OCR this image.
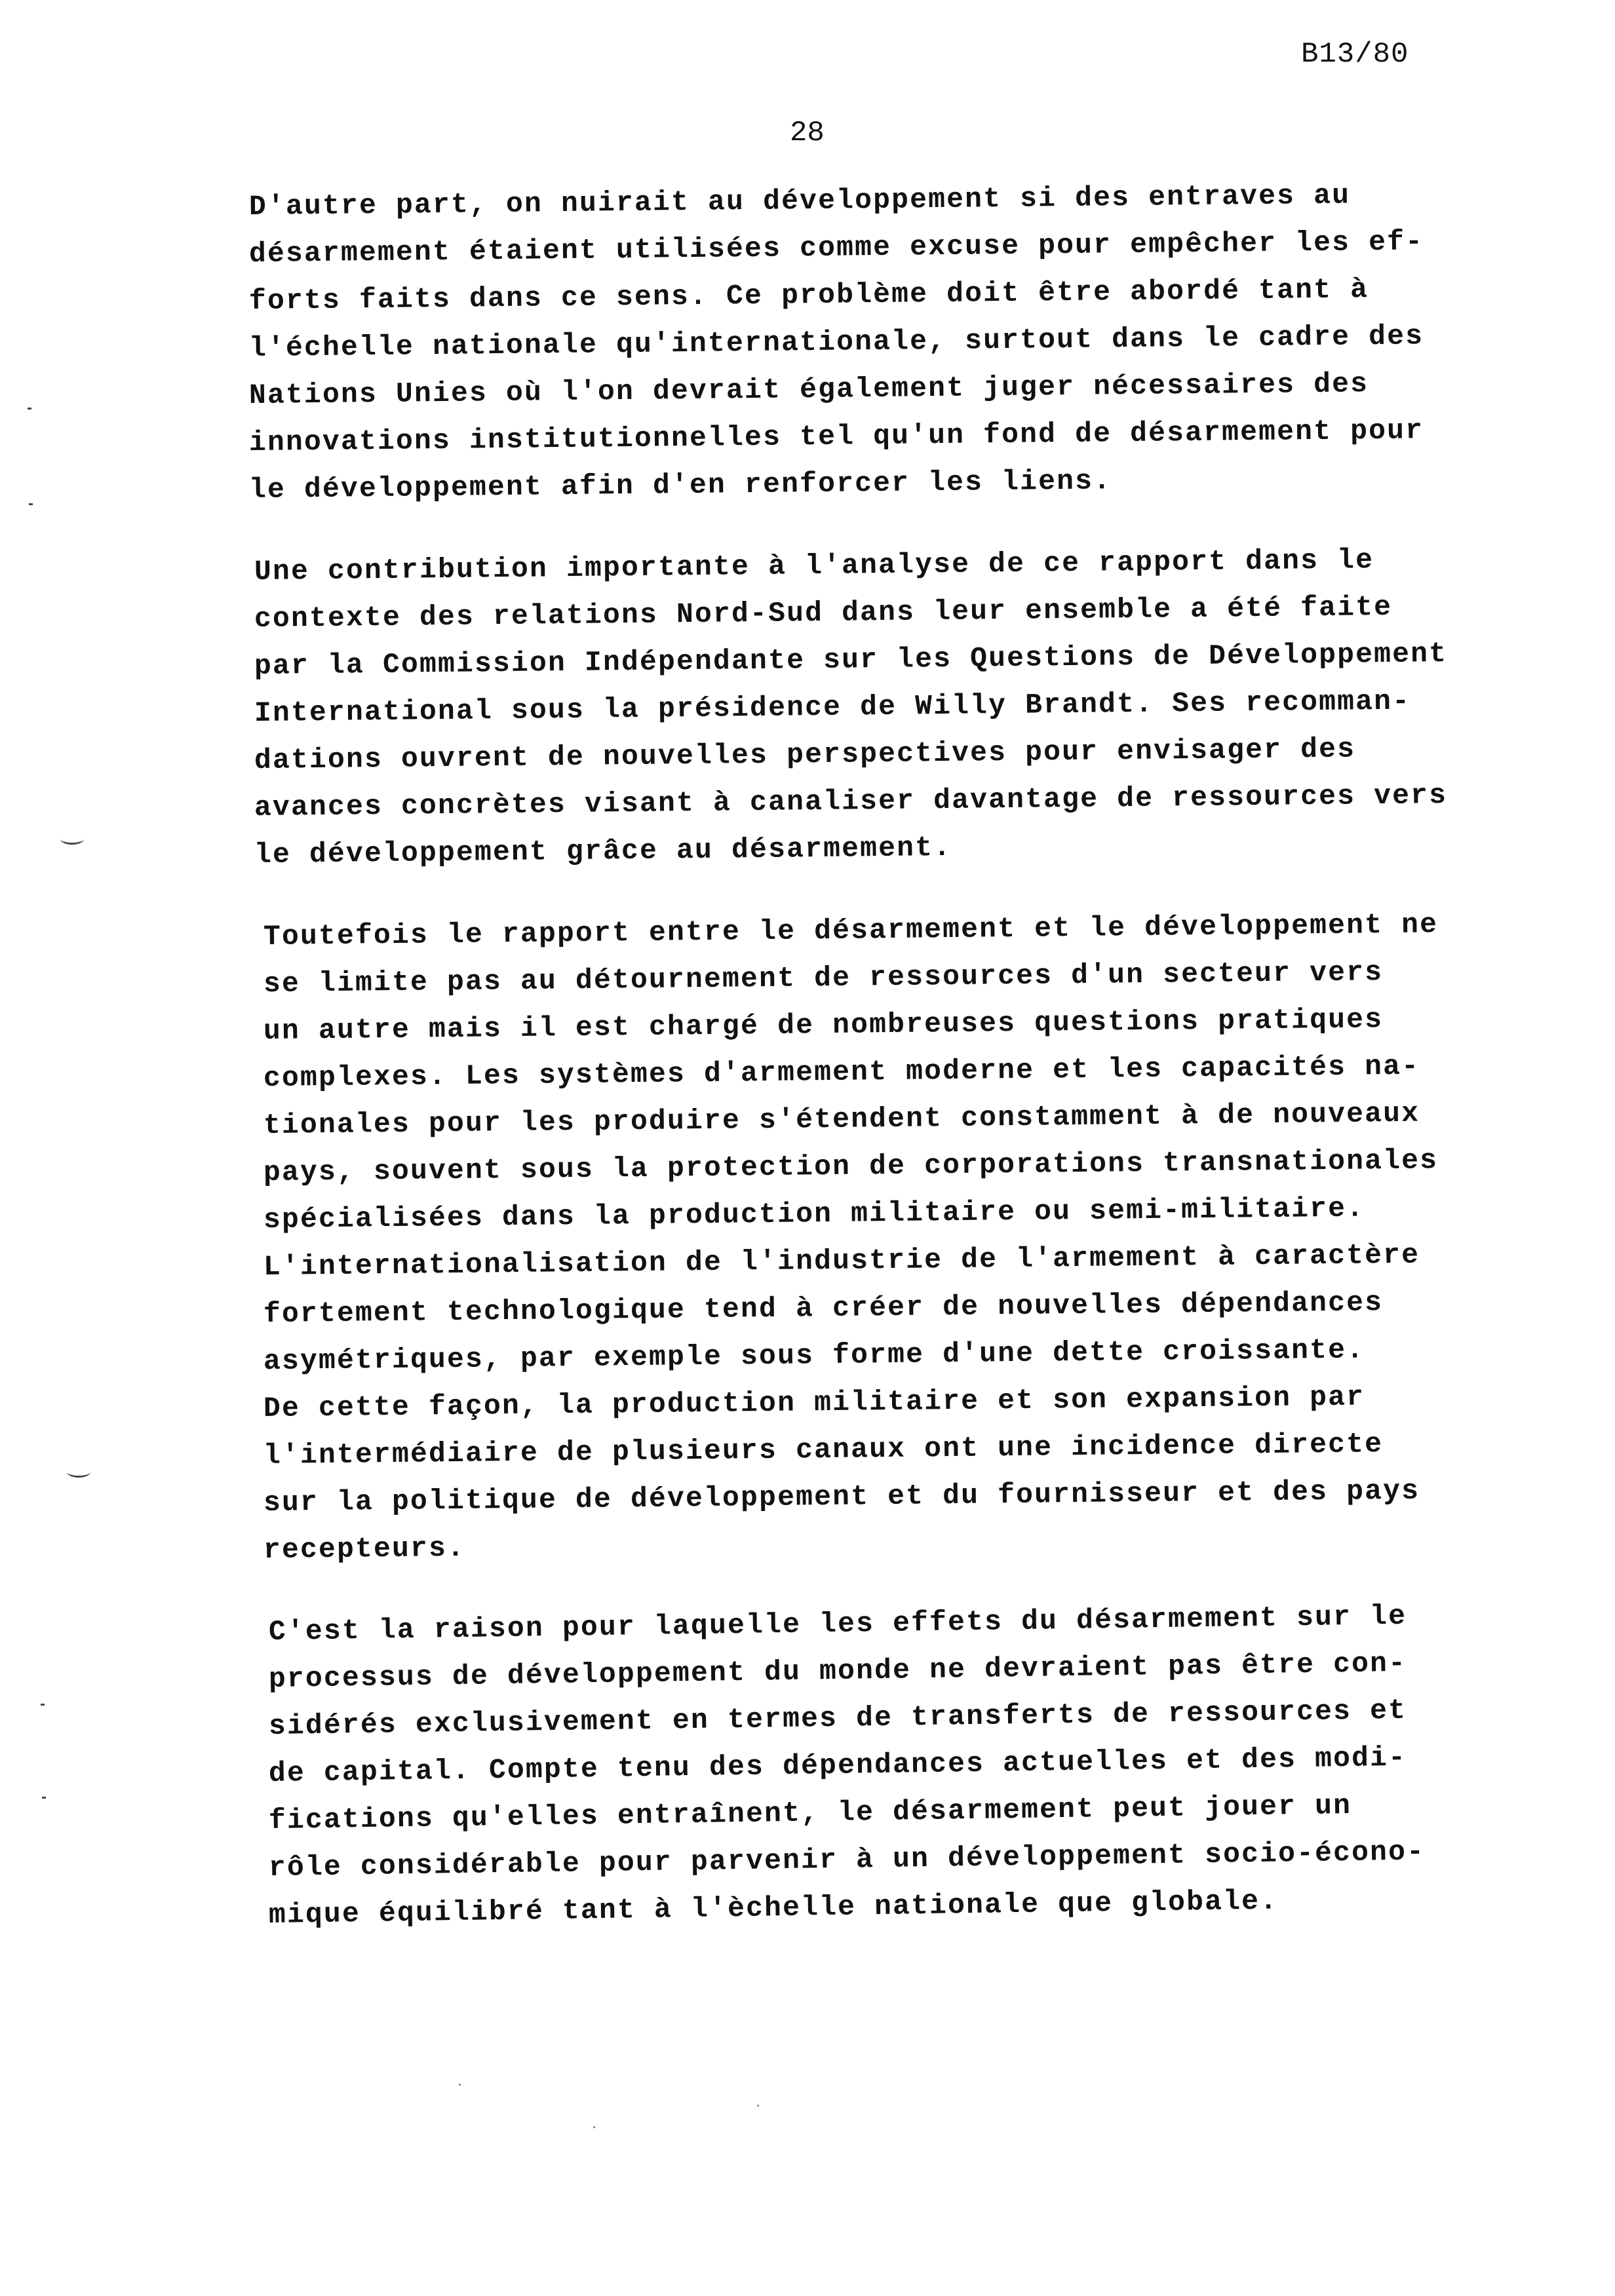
B13/80
28
D'autre part, on nuirait au développement si des entraves au
désarmement étaient utilisées comme excuse pour empêcher les ef-
forts faits dans ce sens. Ce problème doit être abordé tant à
l'échelle nationale qu'internationale, surtout dans le cadre des
Nations Unies où l'on devrait également juger nécessaires des
innovations institutionnelles tel qu'un fond de désarmement pour
le développement afin d'en renforcer les liens.
Une contribution importante à l'analyse de ce rapport dans le
contexte des relations Nord-Sud dans leur ensemble a été faite
par la Commission Indépendante sur les Questions de Développement
International sous la présidence de Willy Brandt. Ses recomman-
dations ouvrent de nouvelles perspectives pour envisager des
avances concrètes visant à canaliser davantage de ressources vers
le développement grâce au désarmement.
Toutefois le rapport entre le désarmement et le développement ne
se limite pas au détournement de ressources d'un secteur vers
un autre mais il est chargé de nombreuses questions pratiques
complexes. Les systèmes d'armement moderne et les capacités na-
tionales pour les produire s'étendent constamment à de nouveaux
pays, souvent sous la protection de corporations transnationales
spécialisées dans la production militaire ou semi-militaire.
L'internationalisation de l'industrie de l'armement à caractère
fortement technologique tend à créer de nouvelles dépendances
asymétriques, par exemple sous forme d'une dette croissante.
De cette façon, la production militaire et son expansion par
l'intermédiaire de plusieurs canaux ont une incidence directe
sur la politique de développement et du fournisseur et des pays
recepteurs.
C'est la raison pour laquelle les effets du désarmement sur le
processus de développement du monde ne devraient pas être con-
sidérés exclusivement en termes de transferts de ressources et
de capital. Compte tenu des dépendances actuelles et des modi-
fications qu'elles entraînent, le désarmement peut jouer un
rôle considérable pour parvenir à un développement socio-écono-
mique équilibré tant à l'èchelle nationale que globale.
